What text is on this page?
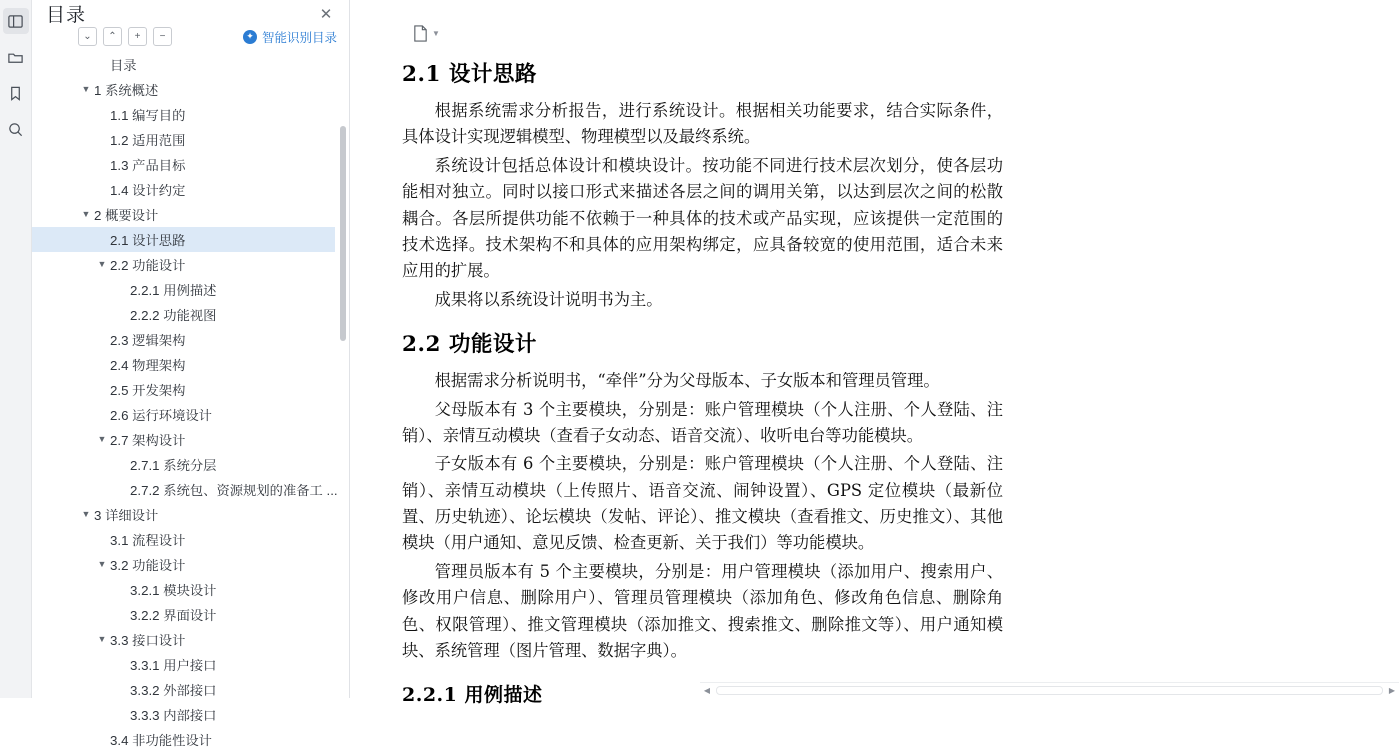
目录	✕
⌄	⌃	+	−	✦ 智能识别目录
目录
▼ 1 系统概述
1.1 编写目的
1.2 适用范围
1.3 产品目标
1.4 设计约定
▼ 2 概要设计
2.1 设计思路
▼ 2.2 功能设计
2.2.1 用例描述
2.2.2 功能视图
2.3 逻辑架构
2.4 物理架构
2.5 开发架构
2.6 运行环境设计
▼ 2.7 架构设计
2.7.1 系统分层
2.7.2 系统包、资源规划的准备工 ...
▼ 3 详细设计
3.1 流程设计
▼ 3.2 功能设计
3.2.1 模块设计
3.2.2 界面设计
▼ 3.3 接口设计
3.3.1 用户接口
3.3.2 外部接口
3.3.3 内部接口
3.4 非功能性设计
▼
2.1 设计思路

根据系统需求分析报告，进行系统设计。根据相关功能要求，结合实际条件，具体设计实现逻辑模型、物理模型以及最终系统。

系统设计包括总体设计和模块设计。按功能不同进行技术层次划分，使各层功能相对独立。同时以接口形式来描述各层之间的调用关第，以达到层次之间的松散耦合。各层所提供功能不依赖于一种具体的技术或产品实现，应该提供一定范围的技术选择。技术架构不和具体的应用架构绑定，应具备较宽的使用范围，适合未来应用的扩展。

成果将以系统设计说明书为主。

2.2 功能设计

根据需求分析说明书，“牵伴”分为父母版本、子女版本和管理员管理。

父母版本有 3 个主要模块，分别是：账户管理模块（个人注册、个人登陆、注销）、亲情互动模块（查看子女动态、语音交流）、收听电台等功能模块。

子女版本有 6 个主要模块，分别是：账户管理模块（个人注册、个人登陆、注销）、亲情互动模块（上传照片、语音交流、闹钟设置）、GPS 定位模块（最新位置、历史轨迹）、论坛模块（发帖、评论）、推文模块（查看推文、历史推文）、其他模块（用户通知、意见反馈、检查更新、关于我们）等功能模块。

管理员版本有 5 个主要模块，分别是：用户管理模块（添加用户、搜索用户、修改用户信息、删除用户）、管理员管理模块（添加角色、修改角色信息、删除角色、权限管理）、推文管理模块（添加推文、搜索推文、删除推文等）、用户通知模块、系统管理（图片管理、数据字典）。

2.2.1 用例描述	◀	▶
